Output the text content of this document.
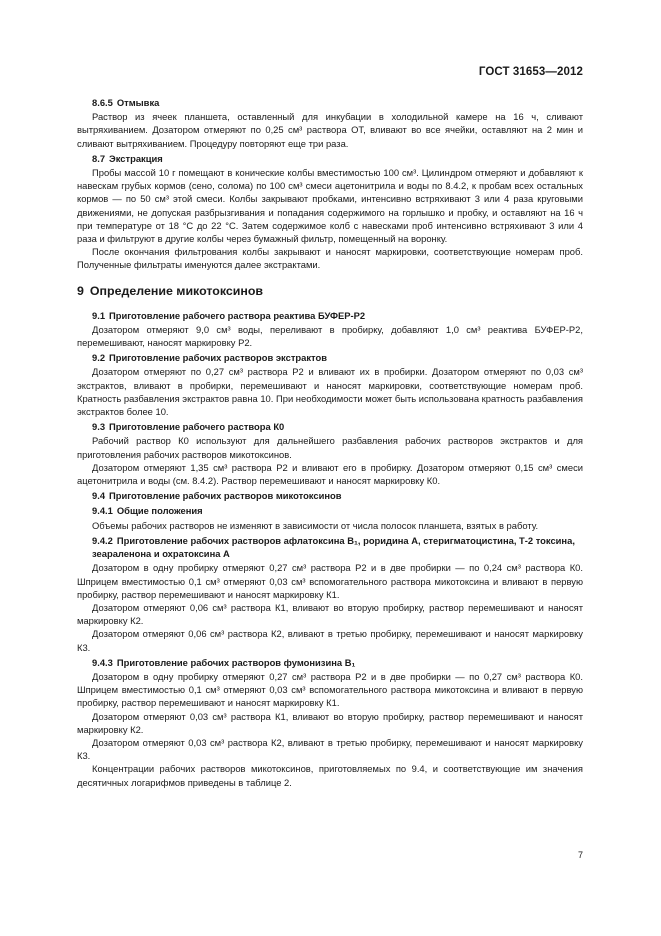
ГОСТ 31653—2012
8.6.5 Отмывка

Раствор из ячеек планшета, оставленный для инкубации в холодильной камере на 16 ч, сливают вытряхиванием. Дозатором отмеряют по 0,25 см³ раствора ОТ, вливают во все ячейки, оставляют на 2 мин и сливают вытряхиванием. Процедуру повторяют еще три раза.

8.7 Экстракция

Пробы массой 10 г помещают в конические колбы вместимостью 100 см³. Цилиндром отмеряют и добавляют к навескам грубых кормов (сено, солома) по 100 см³ смеси ацетонитрила и воды по 8.4.2, к пробам всех остальных кормов — по 50 см³ этой смеси. Колбы закрывают пробками, интенсивно встряхивают 3 или 4 раза круговыми движениями, не допуская разбрызгивания и попадания содержимого на горлышко и пробку, и оставляют на 16 ч при температуре от 18 °С до 22 °С. Затем содержимое колб с навесками проб интенсивно встряхивают 3 или 4 раза и фильтруют в другие колбы через бумажный фильтр, помещенный на воронку.

После окончания фильтрования колбы закрывают и наносят маркировки, соответствующие номерам проб. Полученные фильтраты именуются далее экстрактами.

9 Определение микотоксинов
9.1 Приготовление рабочего раствора реактива БУФЕР-Р2

Дозатором отмеряют 9,0 см³ воды, переливают в пробирку, добавляют 1,0 см³ реактива БУФЕР-Р2, перемешивают, наносят маркировку Р2.

9.2 Приготовление рабочих растворов экстрактов

Дозатором отмеряют по 0,27 см³ раствора Р2 и вливают их в пробирки. Дозатором отмеряют по 0,03 см³ экстрактов, вливают в пробирки, перемешивают и наносят маркировки, соответствующие номерам проб. Кратность разбавления экстрактов равна 10. При необходимости может быть использована кратность разбавления экстрактов более 10.

9.3 Приготовление рабочего раствора К0

Рабочий раствор К0 используют для дальнейшего разбавления рабочих растворов экстрактов и для приготовления рабочих растворов микотоксинов.

Дозатором отмеряют 1,35 см³ раствора Р2 и вливают его в пробирку. Дозатором отмеряют 0,15 см³ смеси ацетонитрила и воды (см. 8.4.2). Раствор перемешивают и наносят маркировку К0.

9.4 Приготовление рабочих растворов микотоксинов
9.4.1 Общие положения

Объемы рабочих растворов не изменяют в зависимости от числа полосок планшета, взятых в работу.

9.4.2 Приготовление рабочих растворов афлатоксина B₁, роридина А, стеригматоцистина, Т-2 токсина, зеараленона и охратоксина А

Дозатором в одну пробирку отмеряют 0,27 см³ раствора Р2 и в две пробирки — по 0,24 см³ раствора К0. Шприцем вместимостью 0,1 см³ отмеряют 0,03 см³ вспомогательного раствора микотоксина и вливают в первую пробирку, раствор перемешивают и наносят маркировку К1.

Дозатором отмеряют 0,06 см³ раствора К1, вливают во вторую пробирку, раствор перемешивают и наносят маркировку К2.

Дозатором отмеряют 0,06 см³ раствора К2, вливают в третью пробирку, перемешивают и наносят маркировку К3.

9.4.3 Приготовление рабочих растворов фумонизина B₁

Дозатором в одну пробирку отмеряют 0,27 см³ раствора Р2 и в две пробирки — по 0,27 см³ раствора К0. Шприцем вместимостью 0,1 см³ отмеряют 0,03 см³ вспомогательного раствора микотоксина и вливают в первую пробирку, раствор перемешивают и наносят маркировку К1.

Дозатором отмеряют 0,03 см³ раствора К1, вливают во вторую пробирку, раствор перемешивают и наносят маркировку К2.

Дозатором отмеряют 0,03 см³ раствора К2, вливают в третью пробирку, перемешивают и наносят маркировку К3.

Концентрации рабочих растворов микотоксинов, приготовляемых по 9.4, и соответствующие им значения десятичных логарифмов приведены в таблице 2.

7
